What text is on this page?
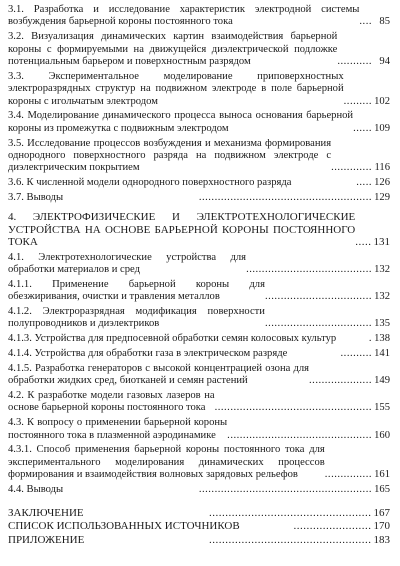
3.1. Разработка и исследование характеристик электродной системы возбуждения барьерной короны постоянного тока	.... 85
3.2. Визуализация динамических картин взаимодействия барьерной короны с формируемыми на движущейся диэлектрической подложке потенциальным барьером и поверхностным разрядом	........... 94
3.3. Экспериментальное моделирование приповерхностных электроразрядных структур на подвижном электроде в поле барьерной короны с игольчатым электродом	......... 102
3.4. Моделирование динамического процесса выноса основания барьерной короны из промежутка с подвижным электродом	...... 109
3.5. Исследование процессов возбуждения и механизма формирования однородного поверхностного разряда на подвижном электроде с диэлектрическим покрытием	............. 116
3.6. К численной модели однородного поверхностного разряда	..... 126
3.7. Выводы	....................................................... 129
4. ЭЛЕКТРОФИЗИЧЕСКИЕ И ЭЛЕКТРОТЕХНОЛОГИЧЕСКИЕ УСТРОЙСТВА НА ОСНОВЕ БАРЬЕРНОЙ КОРОНЫ ПОСТОЯННОГО ТОКА	..... 131
4.1. Электротехнологические устройства для обработки материалов и сред	........................................ 132
4.1.1. Применение барьерной короны для обезжиривания, очистки и травления металлов	.................................. 132
4.1.2. Электроразрядная модификация поверхности полупроводников и диэлектриков	.................................. 135
4.1.3. Устройства для предпосевной обработки семян колосовых культур	. 138
4.1.4. Устройства для обработки газа в электрическом разряде	.......... 141
4.1.5. Разработка генераторов с высокой концентрацией озона для обработки жидких сред, биотканей и семян растений	.................... 149
4.2. К разработке модели газовых лазеров на основе барьерной короны постоянного тока .................................................. 155
4.3. К вопросу о применении барьерной короны постоянного тока в плазменной аэродинамике	.............................................. 160
4.3.1. Способ применения барьерной короны постоянного тока для экспериментального моделирования динамических процессов формирования и взаимодействия волновых зарядовых рельефов	............... 161
4.4. Выводы	....................................................... 165
ЗАКЛЮЧЕНИЕ	.................................................. 167
СПИСОК ИСПОЛЬЗОВАННЫХ ИСТОЧНИКОВ	........................ 170
ПРИЛОЖЕНИЕ	.................................................. 183
